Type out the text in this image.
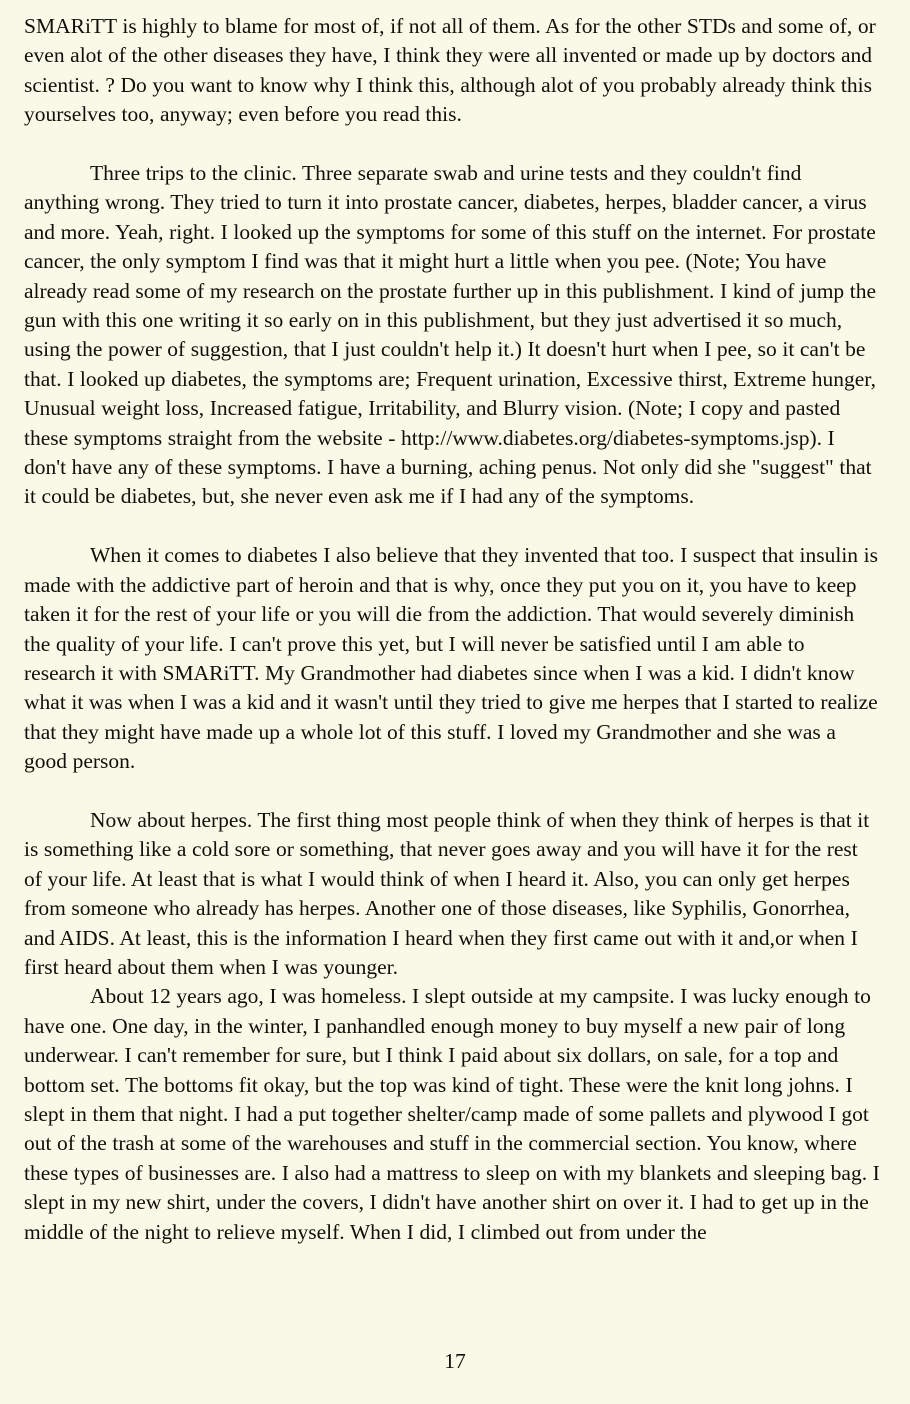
SMARiTT is highly to blame for most of, if not all of them. As for the other STDs and some of, or even alot of the other diseases they have, I think they were all invented or made up by doctors and scientist. ? Do you want to know why I think this, although alot of you probably already think this yourselves too, anyway; even before you read this.

Three trips to the clinic. Three separate swab and urine tests and they couldn't find anything wrong. They tried to turn it into prostate cancer, diabetes, herpes, bladder cancer, a virus and more. Yeah, right. I looked up the symptoms for some of this stuff on the internet. For prostate cancer, the only symptom I find was that it might hurt a little when you pee. (Note; You have already read some of my research on the prostate further up in this publishment. I kind of jump the gun with this one writing it so early on in this publishment, but they just advertised it so much, using the power of suggestion, that I just couldn't help it.) It doesn't hurt when I pee, so it can't be that. I looked up diabetes, the symptoms are; Frequent urination, Excessive thirst, Extreme hunger, Unusual weight loss, Increased fatigue, Irritability, and Blurry vision. (Note; I copy and pasted these symptoms straight from the website - http://www.diabetes.org/diabetes-symptoms.jsp). I don't have any of these symptoms. I have a burning, aching penus. Not only did she "suggest" that it could be diabetes, but, she never even ask me if I had any of the symptoms.

When it comes to diabetes I also believe that they invented that too. I suspect that insulin is made with the addictive part of heroin and that is why, once they put you on it, you have to keep taken it for the rest of your life or you will die from the addiction. That would severely diminish the quality of your life. I can't prove this yet, but I will never be satisfied until I am able to research it with SMARiTT. My Grandmother had diabetes since when I was a kid. I didn't know what it was when I was a kid and it wasn't until they tried to give me herpes that I started to realize that they might have made up a whole lot of this stuff. I loved my Grandmother and she was a good person.

Now about herpes. The first thing most people think of when they think of herpes is that it is something like a cold sore or something, that never goes away and you will have it for the rest of your life. At least that is what I would think of when I heard it. Also, you can only get herpes from someone who already has herpes. Another one of those diseases, like Syphilis, Gonorrhea, and AIDS. At least, this is the information I heard when they first came out with it and,or when I first heard about them when I was younger.

About 12 years ago, I was homeless. I slept outside at my campsite. I was lucky enough to have one. One day, in the winter, I panhandled enough money to buy myself a new pair of long underwear. I can't remember for sure, but I think I paid about six dollars, on sale, for a top and bottom set. The bottoms fit okay, but the top was kind of tight. These were the knit long johns. I slept in them that night. I had a put together shelter/camp made of some pallets and plywood I got out of the trash at some of the warehouses and stuff in the commercial section. You know, where these types of businesses are. I also had a mattress to sleep on with my blankets and sleeping bag. I slept in my new shirt, under the covers, I didn't have another shirt on over it. I had to get up in the middle of the night to relieve myself. When I did, I climbed out from under the

17
